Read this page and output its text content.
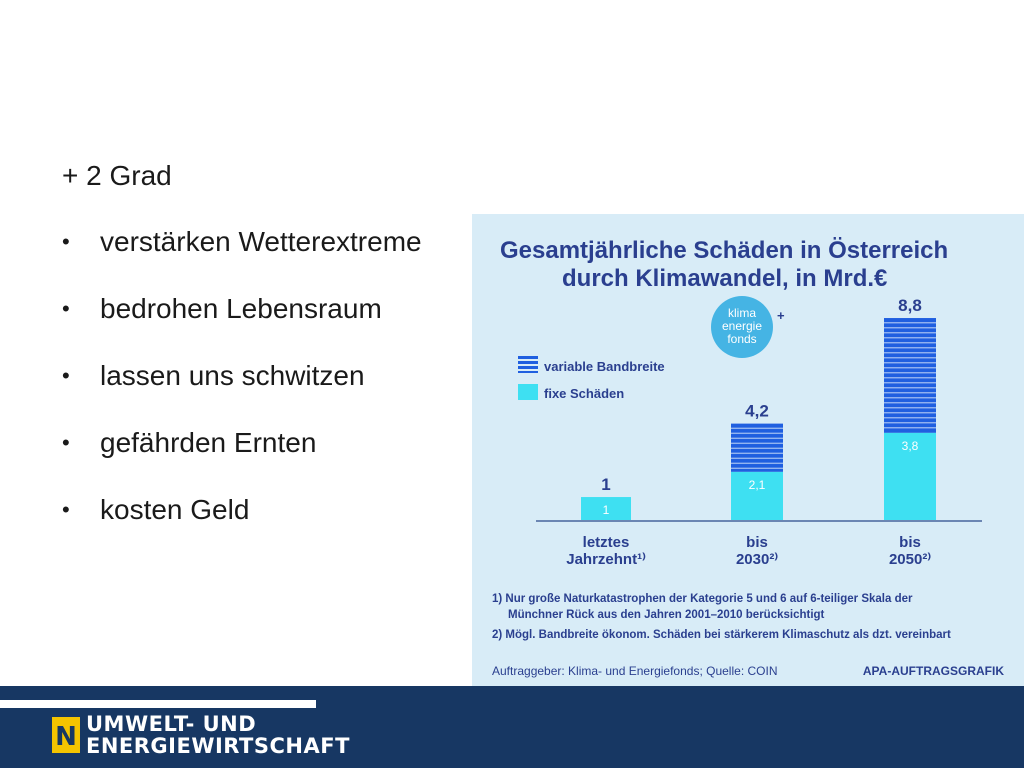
+ 2 Grad
•	verstärken Wetterextreme
•	bedrohen Lebensraum
•	lassen uns schwitzen
•	gefährden Ernten
•	kosten Geld
Gesamtjährliche Schäden in Österreich
durch Klimawandel, in Mrd.€
klima
energie
fonds
+
variable Bandbreite
fixe Schäden
1
1	2,1
4,2
3,8
8,8
letztes
Jahrzehnt¹⁾
bis
2030²⁾
bis
2050²⁾
1) Nur große Naturkatastrophen der Kategorie 5 und 6 auf 6-teiliger Skala der
Münchner Rück aus den Jahren 2001–2010 berücksichtigt
2) Mögl. Bandbreite ökonom. Schäden bei stärkerem Klimaschutz als dzt. vereinbart
Auftraggeber: Klima- und Energiefonds; Quelle: COIN	APA-AUFTRAGSGRAFIK
N UMWELT- UND
ENERGIEWIRTSCHAFT
